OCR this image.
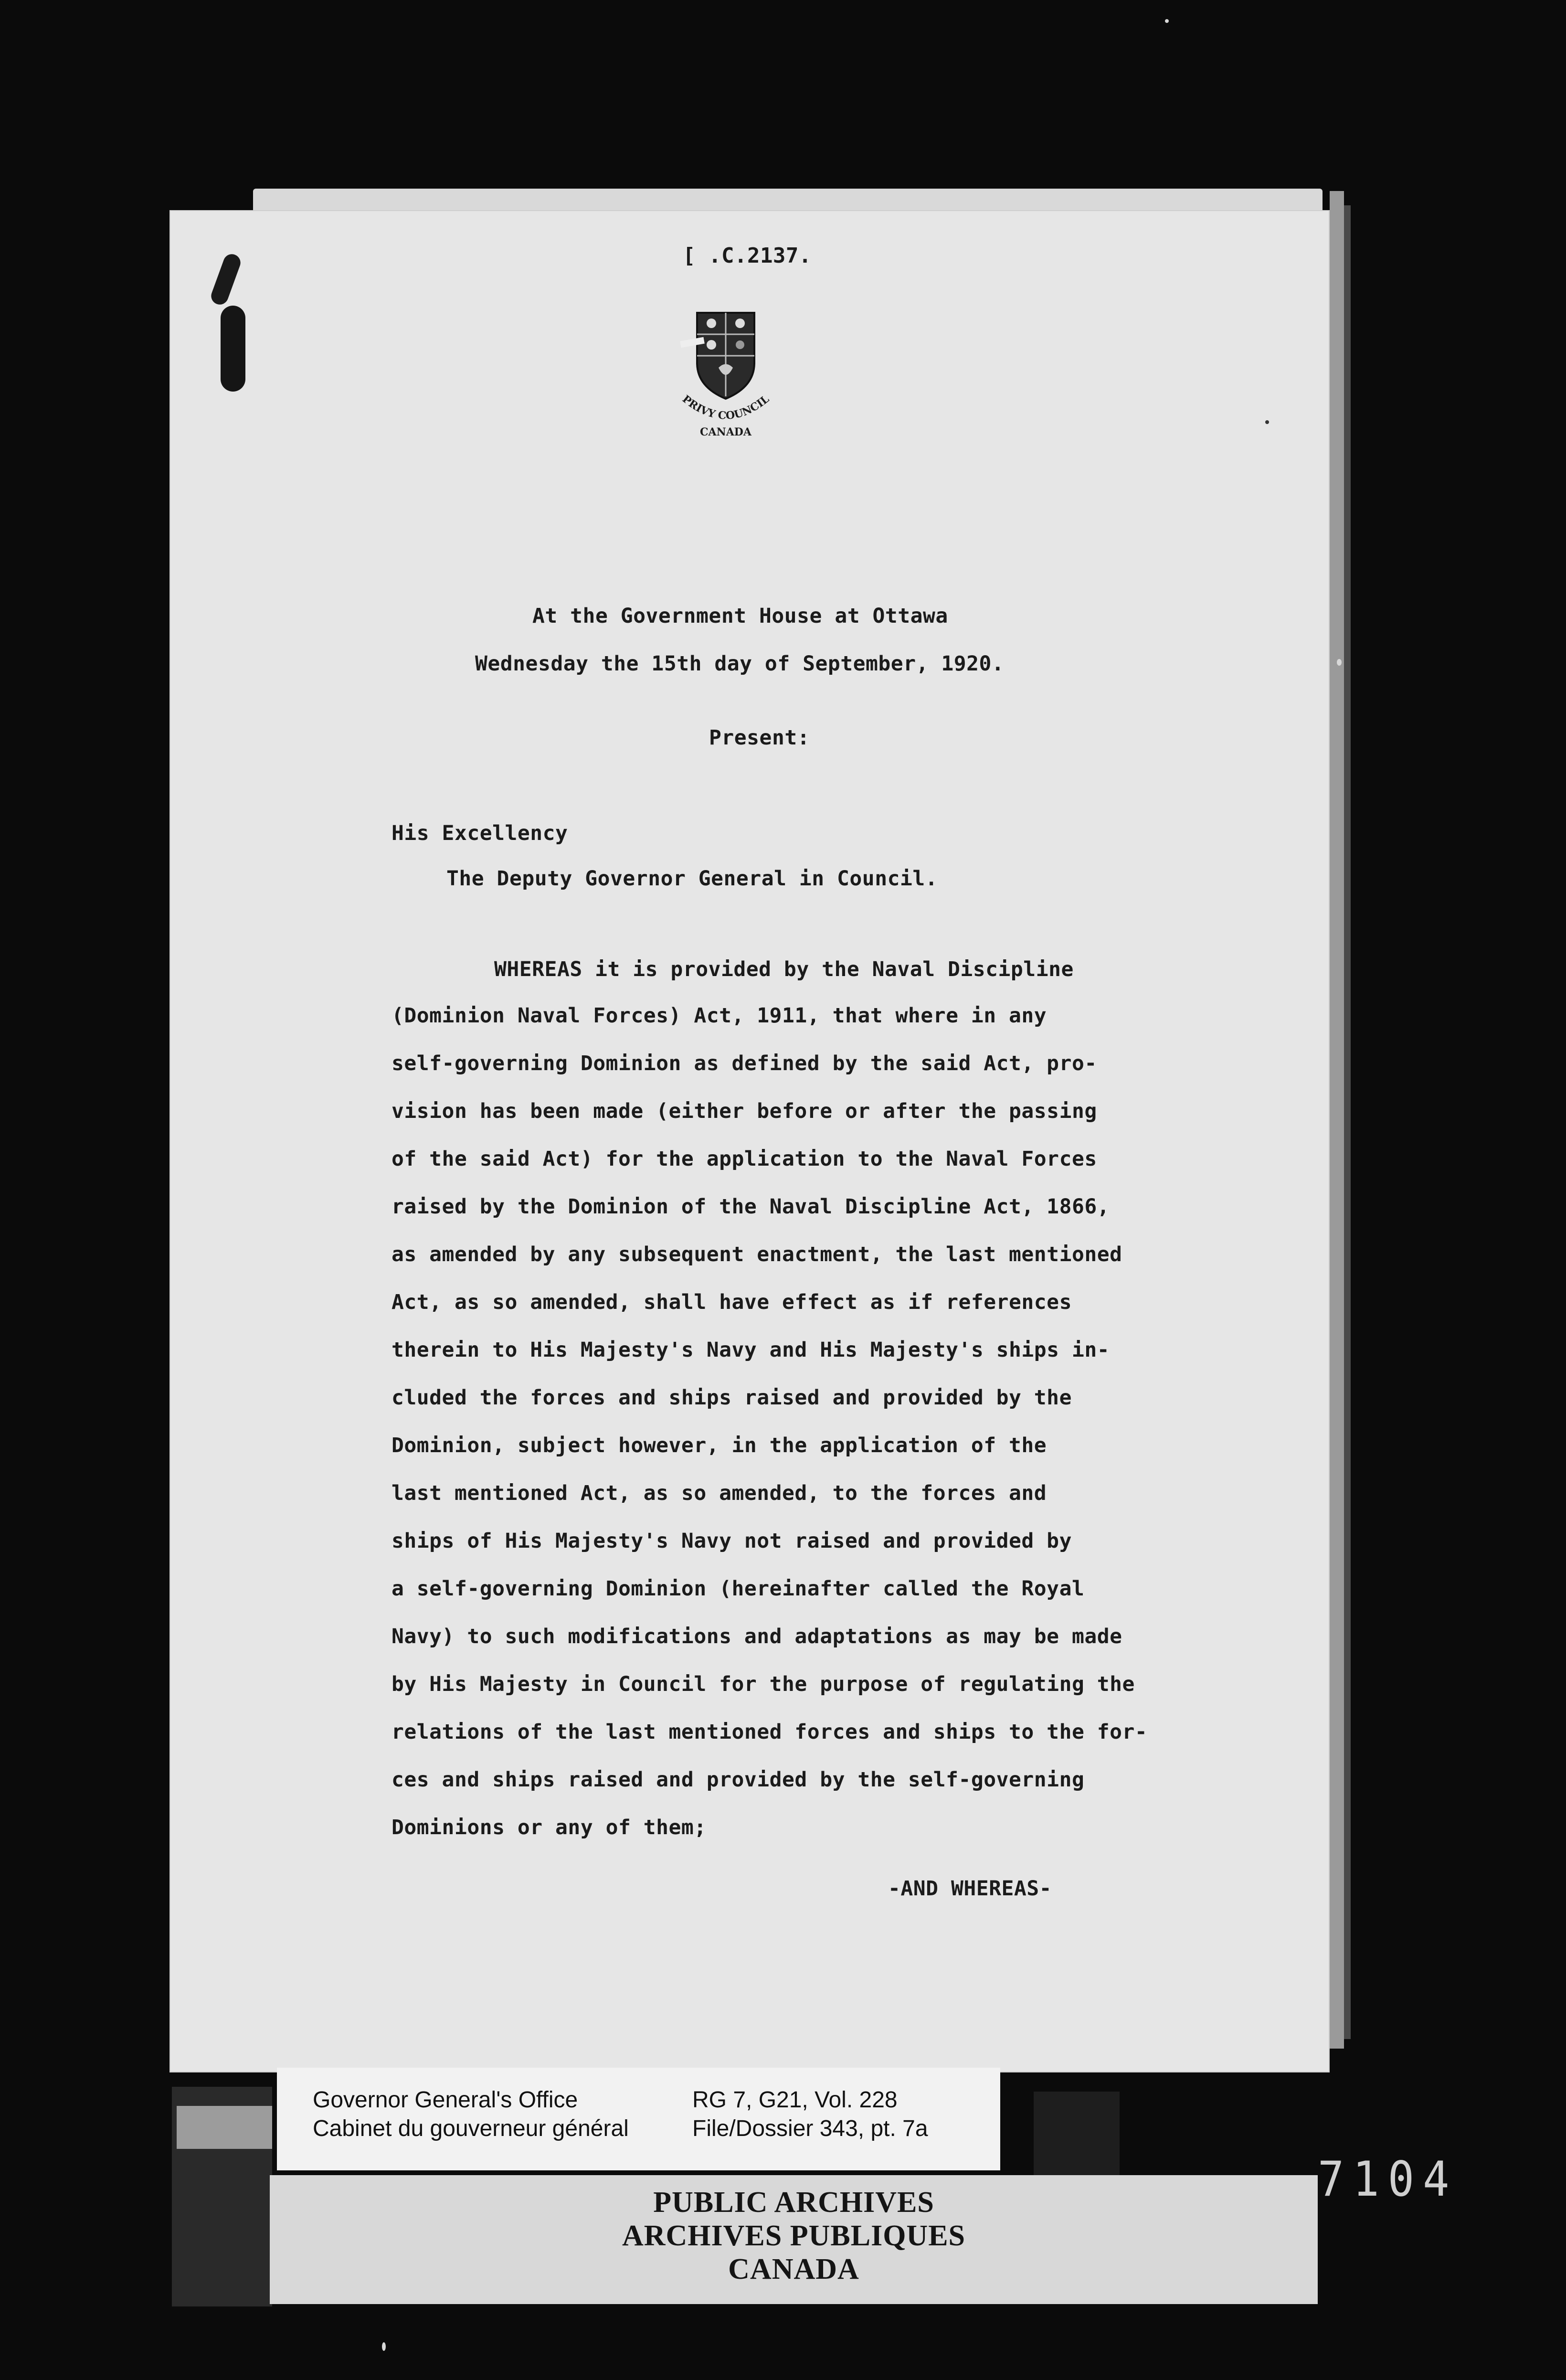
[ .C.2137.
PRIVY COUNCIL
CANADA
At the Government House at Ottawa
Wednesday the 15th day of September, 1920.
Present:
His Excellency
The Deputy Governor General in Council.
WHEREAS it is provided by the Naval Discipline
(Dominion Naval Forces) Act, 1911, that where in any
self-governing Dominion as defined by the said Act, pro-
vision has been made (either before or after the passing
of the said Act) for the application to the Naval Forces
raised by the Dominion of the Naval Discipline Act, 1866,
as amended by any subsequent enactment, the last mentioned
Act, as so amended, shall have effect as if references
therein to His Majesty's Navy and His Majesty's ships in-
cluded the forces and ships raised and provided by the
Dominion, subject however, in the application of the
last mentioned Act, as so amended, to the forces and
ships of His Majesty's Navy not raised and provided by
a self-governing Dominion (hereinafter called the Royal
Navy) to such modifications and adaptations as may be made
by His Majesty in Council for the purpose of regulating the
relations of the last mentioned forces and ships to the for-
ces and ships raised and provided by the self-governing
Dominions or any of them;
-AND WHEREAS-
Governor General's Office
Cabinet du gouverneur général
RG 7, G21, Vol. 228
File/Dossier 343, pt. 7a
PUBLIC ARCHIVES
ARCHIVES PUBLIQUES
CANADA
7104
